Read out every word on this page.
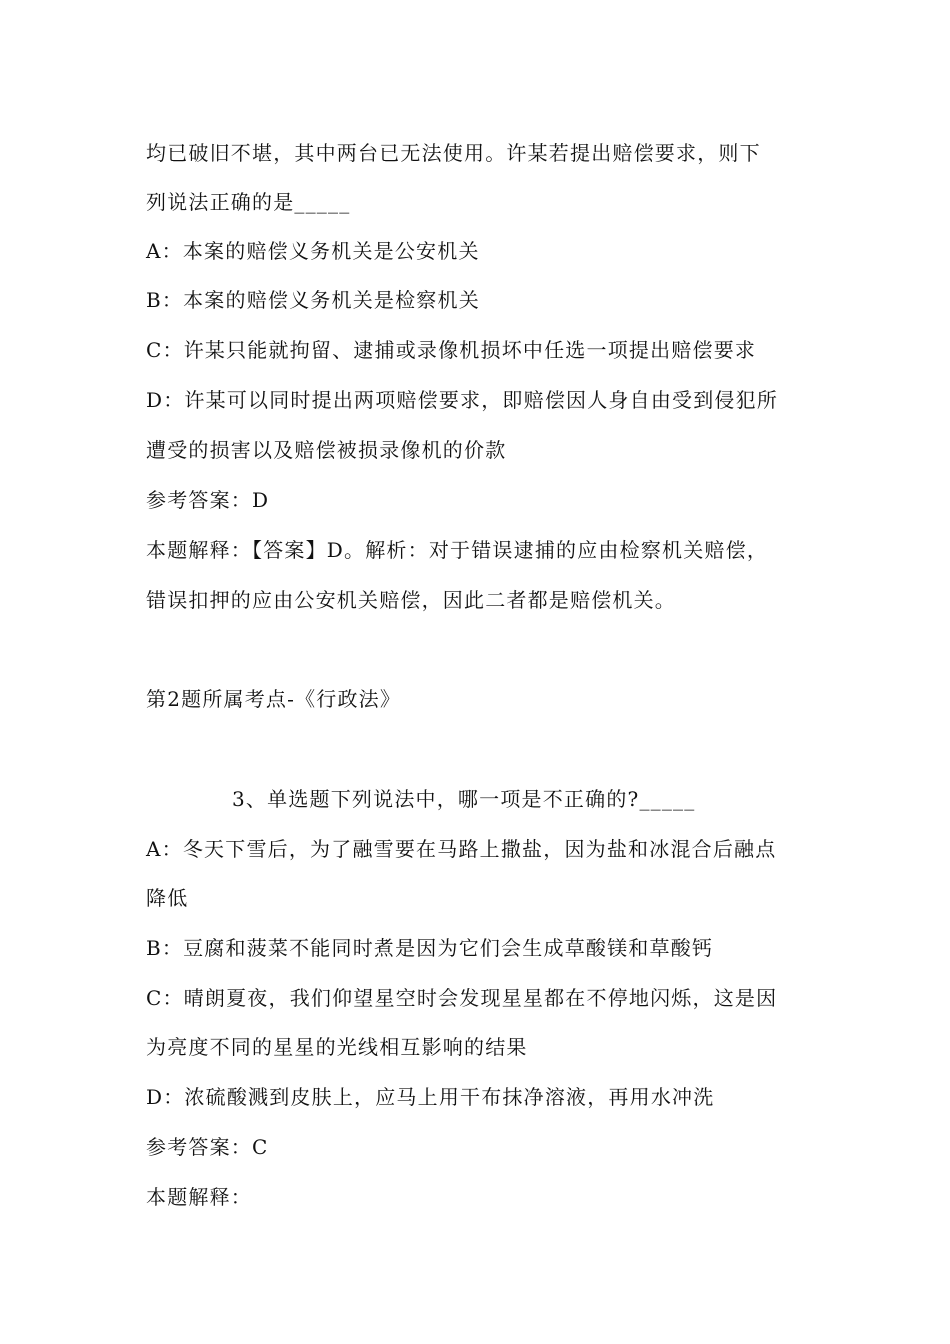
均已破旧不堪，其中两台已无法使用。许某若提出赔偿要求，则下
列说法正确的是_____
A：本案的赔偿义务机关是公安机关
B：本案的赔偿义务机关是检察机关
C：许某只能就拘留、逮捕或录像机损坏中任选一项提出赔偿要求
D：许某可以同时提出两项赔偿要求，即赔偿因人身自由受到侵犯所
遭受的损害以及赔偿被损录像机的价款
参考答案：D
本题解释：【答案】D。解析：对于错误逮捕的应由检察机关赔偿，
错误扣押的应由公安机关赔偿，因此二者都是赔偿机关。
第2题所属考点-《行政法》
3、单选题下列说法中，哪一项是不正确的?_____
A：冬天下雪后，为了融雪要在马路上撒盐，因为盐和冰混合后融点
降低
B：豆腐和菠菜不能同时煮是因为它们会生成草酸镁和草酸钙
C：晴朗夏夜，我们仰望星空时会发现星星都在不停地闪烁，这是因
为亮度不同的星星的光线相互影响的结果
D：浓硫酸溅到皮肤上，应马上用干布抹净溶液，再用水冲洗
参考答案：C
本题解释：
